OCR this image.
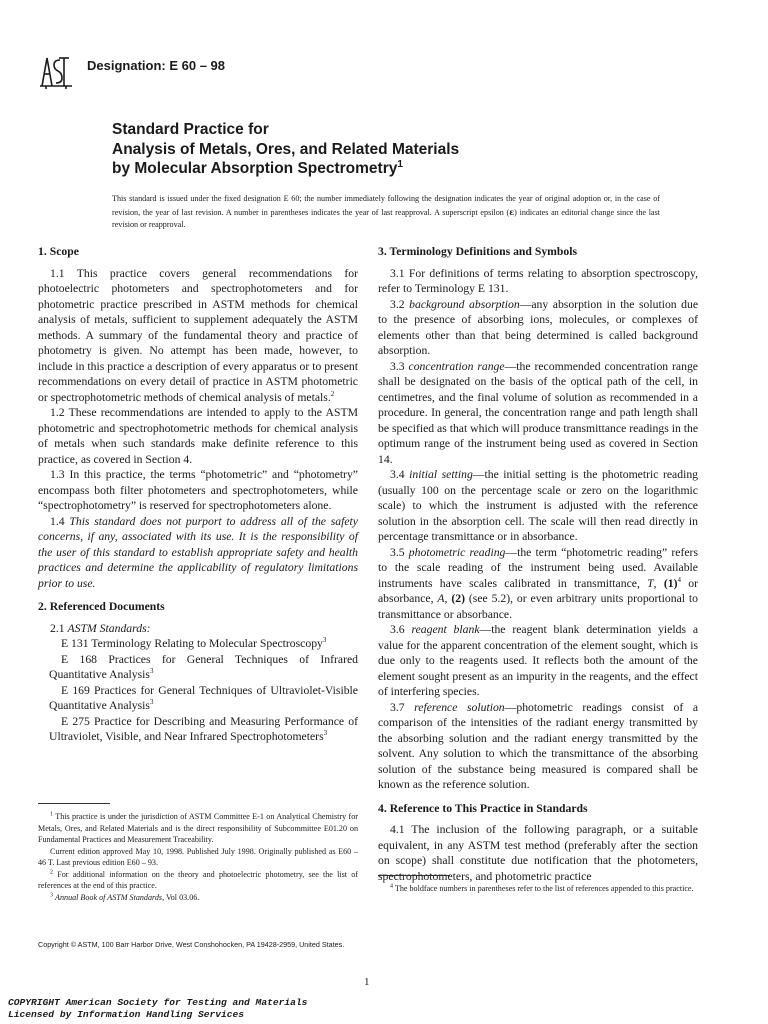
Designation: E 60 – 98
Standard Practice for
Analysis of Metals, Ores, and Related Materials
by Molecular Absorption Spectrometry$^1$
This standard is issued under the fixed designation E 60; the number immediately following the designation indicates the year of original adoption or, in the case of revision, the year of last revision. A number in parentheses indicates the year of last reapproval. A superscript epsilon (ε) indicates an editorial change since the last revision or reapproval.
1. Scope

1.1 This practice covers general recommendations for photoelectric photometers and spectrophotometers and for photometric practice prescribed in ASTM methods for chemical analysis of metals, sufficient to supplement adequately the ASTM methods. A summary of the fundamental theory and practice of photometry is given. No attempt has been made, however, to include in this practice a description of every apparatus or to present recommendations on every detail of practice in ASTM photometric or spectrophotometric methods of chemical analysis of metals.$^2$

1.2 These recommendations are intended to apply to the ASTM photometric and spectrophotometric methods for chemical analysis of metals when such standards make definite reference to this practice, as covered in Section 4.

1.3 In this practice, the terms “photometric” and “photometry” encompass both filter photometers and spectrophotometers, while “spectrophotometry” is reserved for spectrophotometers alone.

1.4 This standard does not purport to address all of the safety concerns, if any, associated with its use. It is the responsibility of the user of this standard to establish appropriate safety and health practices and determine the applicability of regulatory limitations prior to use.

2. Referenced Documents

2.1 ASTM Standards:

E 131 Terminology Relating to Molecular Spectroscopy$^3$

E 168 Practices for General Techniques of Infrared Quantitative Analysis$^3$

E 169 Practices for General Techniques of Ultraviolet-Visible Quantitative Analysis$^3$

E 275 Practice for Describing and Measuring Performance of Ultraviolet, Visible, and Near Infrared Spectrophotometers$^3$

3. Terminology Definitions and Symbols

3.1 For definitions of terms relating to absorption spectroscopy, refer to Terminology E 131.

3.2 background absorption—any absorption in the solution due to the presence of absorbing ions, molecules, or complexes of elements other than that being determined is called background absorption.

3.3 concentration range—the recommended concentration range shall be designated on the basis of the optical path of the cell, in centimetres, and the final volume of solution as recommended in a procedure. In general, the concentration range and path length shall be specified as that which will produce transmittance readings in the optimum range of the instrument being used as covered in Section 14.

3.4 initial setting—the initial setting is the photometric reading (usually 100 on the percentage scale or zero on the logarithmic scale) to which the instrument is adjusted with the reference solution in the absorption cell. The scale will then read directly in percentage transmittance or in absorbance.

3.5 photometric reading—the term “photometric reading” refers to the scale reading of the instrument being used. Available instruments have scales calibrated in transmittance, T, $(1)^4$ or absorbance, A, (2) (see 5.2), or even arbitrary units proportional to transmittance or absorbance.

3.6 reagent blank—the reagent blank determination yields a value for the apparent concentration of the element sought, which is due only to the reagents used. It reflects both the amount of the element sought present as an impurity in the reagents, and the effect of interfering species.

3.7 reference solution—photometric readings consist of a comparison of the intensities of the radiant energy transmitted by the absorbing solution and the radiant energy transmitted by the solvent. Any solution to which the transmittance of the absorbing solution of the substance being measured is compared shall be known as the reference solution.

4. Reference to This Practice in Standards

4.1 The inclusion of the following paragraph, or a suitable equivalent, in any ASTM test method (preferably after the section on scope) shall constitute due notification that the photometers, spectrophotometers, and photometric practice

$^1$ This practice is under the jurisdiction of ASTM Committee E-1 on Analytical Chemistry for Metals, Ores, and Related Materials and is the direct responsibility of Subcommittee E01.20 on Fundamental Practices and Measurement Traceability.

Current edition approved May 10, 1998. Published July 1998. Originally published as E60 – 46 T. Last previous edition E60 – 93.

$^2$ For additional information on the theory and photoelectric photometry, see the list of references at the end of this practice.

$^3$ Annual Book of ASTM Standards, Vol 03.06.

$^4$ The boldface numbers in parentheses refer to the list of references appended to this practice.

Copyright © ASTM, 100 Barr Harbor Drive, West Conshohocken, PA 19428-2959, United States.
1
COPYRIGHT American Society for Testing and Materials
Licensed by Information Handling Services
